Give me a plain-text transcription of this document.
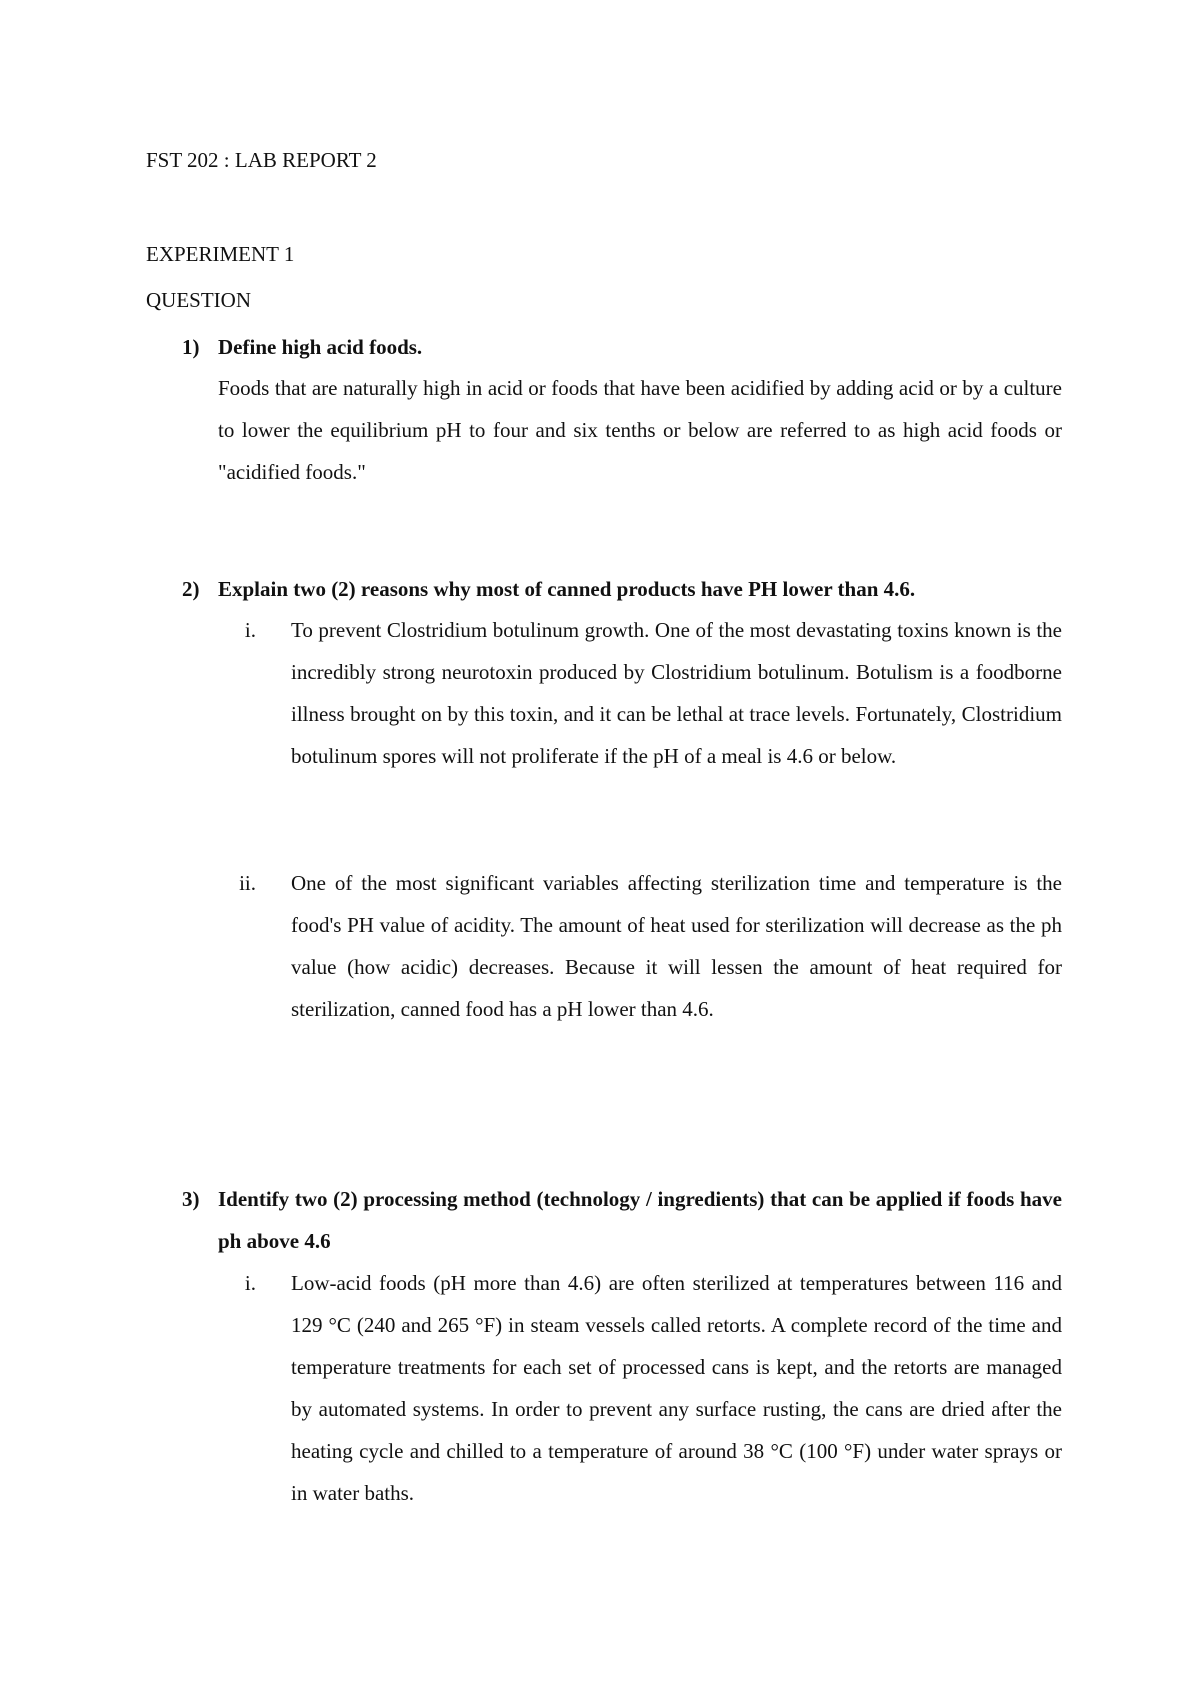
FST 202 : LAB REPORT 2
EXPERIMENT 1
QUESTION
1) Define high acid foods.
Foods that are naturally high in acid or foods that have been acidified by adding acid or by a culture to lower the equilibrium pH to four and six tenths or below are referred to as high acid foods or "acidified foods."
2) Explain two (2) reasons why most of canned products have PH lower than 4.6.
i. To prevent Clostridium botulinum growth. One of the most devastating toxins known is the incredibly strong neurotoxin produced by Clostridium botulinum. Botulism is a foodborne illness brought on by this toxin, and it can be lethal at trace levels. Fortunately, Clostridium botulinum spores will not proliferate if the pH of a meal is 4.6 or below.
ii. One of the most significant variables affecting sterilization time and temperature is the food's PH value of acidity. The amount of heat used for sterilization will decrease as the ph value (how acidic) decreases. Because it will lessen the amount of heat required for sterilization, canned food has a pH lower than 4.6.
3) Identify two (2) processing method (technology / ingredients) that can be applied if foods have ph above 4.6
i. Low-acid foods (pH more than 4.6) are often sterilized at temperatures between 116 and 129 °C (240 and 265 °F) in steam vessels called retorts. A complete record of the time and temperature treatments for each set of processed cans is kept, and the retorts are managed by automated systems. In order to prevent any surface rusting, the cans are dried after the heating cycle and chilled to a temperature of around 38 °C (100 °F) under water sprays or in water baths.
